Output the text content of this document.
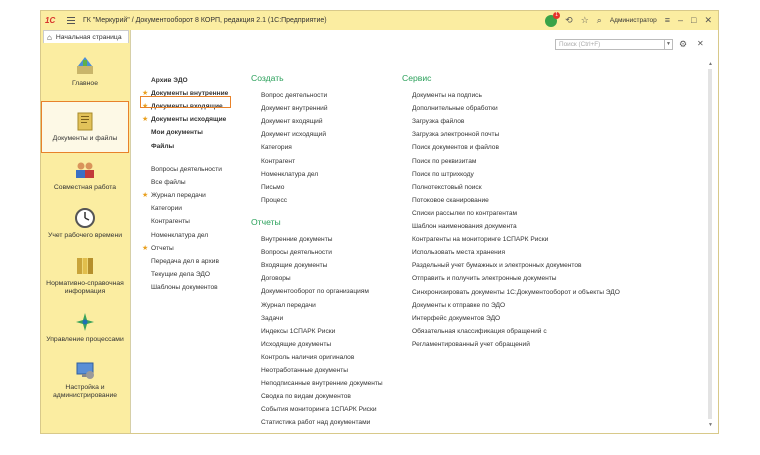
1С	ГК "Меркурий" / Документооборот 8 КОРП, редакция 2.1 (1С:Предприятие)
1
⟲ ☆ ⌕ Администратор ≡ – □ ✕
⌂ Начальная страница
Главное
Документы и файлы
Совместная работа
Учет рабочего времени
Нормативно-справочная информация
Управление процессами
Настройка и администрирование
Поиск (Ctrl+F)	▼ ⚙ ✕
▲
▼
Архив ЭДО
Документы внутренние
★
Документы входящие
★
Документы исходящие
★
Мои документы
Файлы
Вопросы деятельности
Все файлы
Журнал передачи
★
Категории
Контрагенты
Номенклатура дел
Отчеты
★
Передача дел в архив
Текущие дела ЭДО
Шаблоны документов
Создать
Вопрос деятельности
Документ внутренний
Документ входящий
Документ исходящий
Категория
Контрагент
Номенклатура дел
Письмо
Процесс
Отчеты
Внутренние документы
Вопросы деятельности
Входящие документы
Договоры
Документооборот по организациям
Журнал передачи
Задачи
Индексы 1СПАРК Риски
Исходящие документы
Контроль наличия оригиналов
Неотработанные документы
Неподписанные внутренние документы
Сводка по видам документов
События мониторинга 1СПАРК Риски
Статистика работ над документами
Сервис
Документы на подпись
Дополнительные обработки
Загрузка файлов
Загрузка электронной почты
Поиск документов и файлов
Поиск по реквизитам
Поиск по штрихкоду
Полнотекстовый поиск
Потоковое сканирование
Списки рассылки по контрагентам
Шаблон наименования документа
Контрагенты на мониторинге 1СПАРК Риски
Использовать места хранения
Раздельный учет бумажных и электронных документов
Отправить и получить электронные документы
Синхронизировать документы 1С:Документооборот и объекты ЭДО
Документы к отправке по ЭДО
Интерфейс документов ЭДО
Обязательная классификация обращений с
Регламентированный учет обращений
